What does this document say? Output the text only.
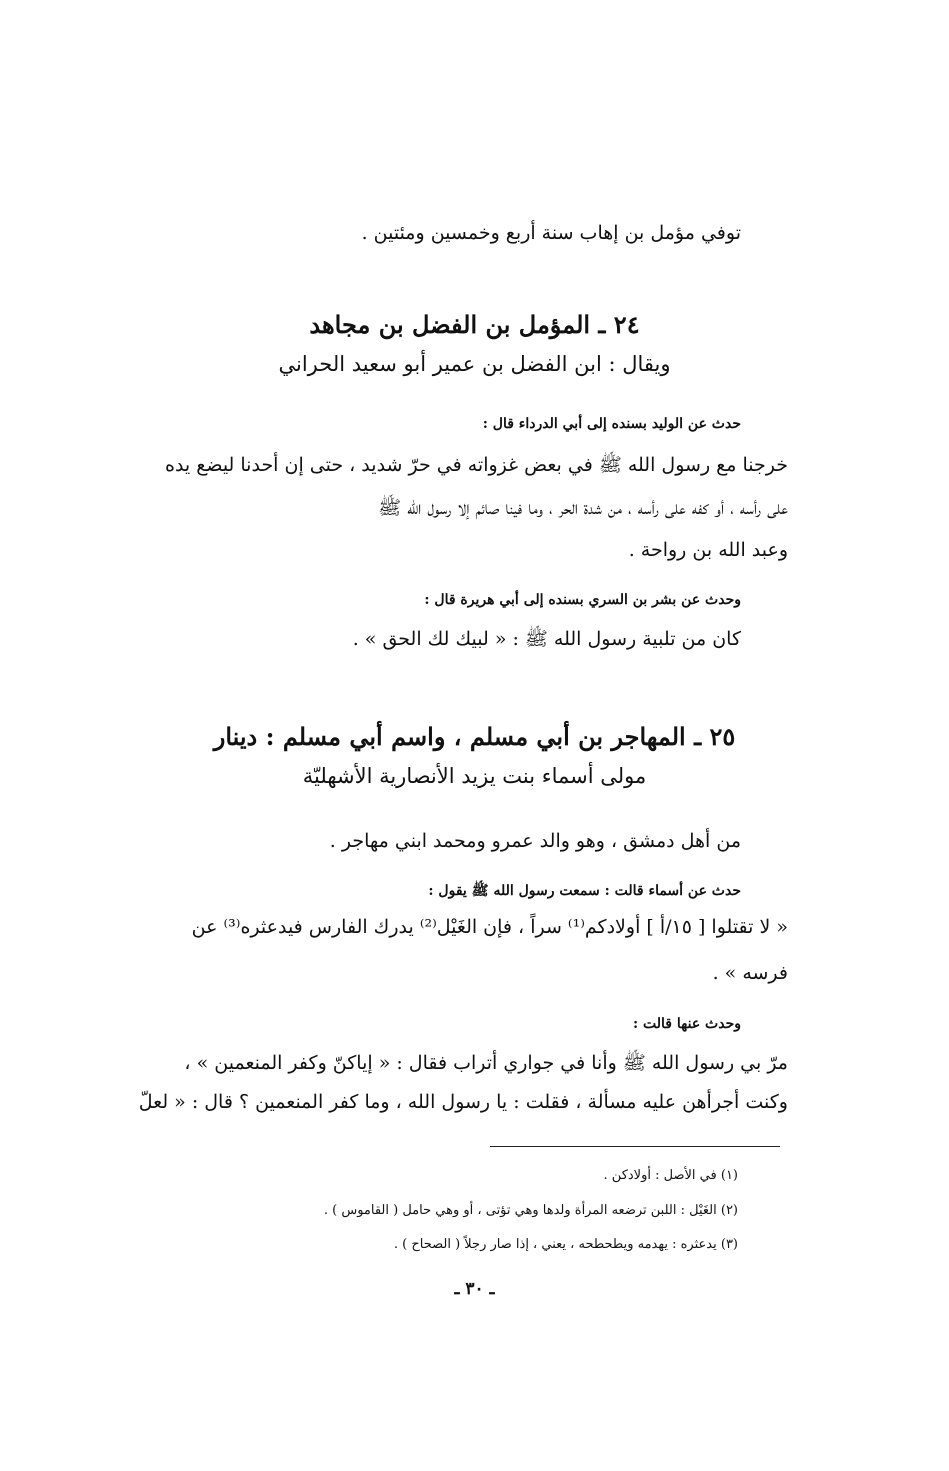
توفي مؤمل بن إهاب سنة أربع وخمسين ومئتين .
٢٤ ـ المؤمل بن الفضل بن مجاهد
ويقال : ابن الفضل بن عمير أبو سعيد الحراني
حدث عن الوليد بسنده إلى أبي الدرداء قال :
خرجنا مع رسول الله ﷺ في بعض غزواته في حرّ شديد ، حتى إن أحدنا ليضع يده
على رأسه ، أو كفه على رأسه ، من شدة الحر ، وما فينا صائم إلا رسول الله ﷺ
وعبد الله بن رواحة .
وحدث عن بشر بن السري بسنده إلى أبي هريرة قال :
كان من تلبية رسول الله ﷺ : « لبيك لك الحق » .
٢٥ ـ المهاجر بن أبي مسلم ، واسم أبي مسلم : دينار
مولى أسماء بنت يزيد الأنصارية الأشهليّة
من أهل دمشق ، وهو والد عمرو ومحمد ابني مهاجر .
حدث عن أسماء قالت : سمعت رسول الله ﷺ يقول :
« لا تقتلوا [ ١٥/أ ] أولادكم⁽¹⁾ سراً ، فإن الغَيْل⁽²⁾ يدرك الفارس فيدعثره⁽³⁾ عن
فرسه » .
وحدث عنها قالت :
مرّ بي رسول الله ﷺ وأنا في جواري أتراب فقال : « إياكنّ وكفر المنعمين » ،
وكنت أجرأهن عليه مسألة ، فقلت : يا رسول الله ، وما كفر المنعمين ؟ قال : « لعلّ
(١) في الأصل : أولادكن .
(٢) الغَيْل : اللبن ترضعه المرأة ولدها وهي تؤتى ، أو وهي حامل ( القاموس ) .
(٣) يدعثره : يهدمه ويطحطحه ، يعني ، إذا صار رجلاً ( الصحاح ) .
ـ ٣٠ ـ
